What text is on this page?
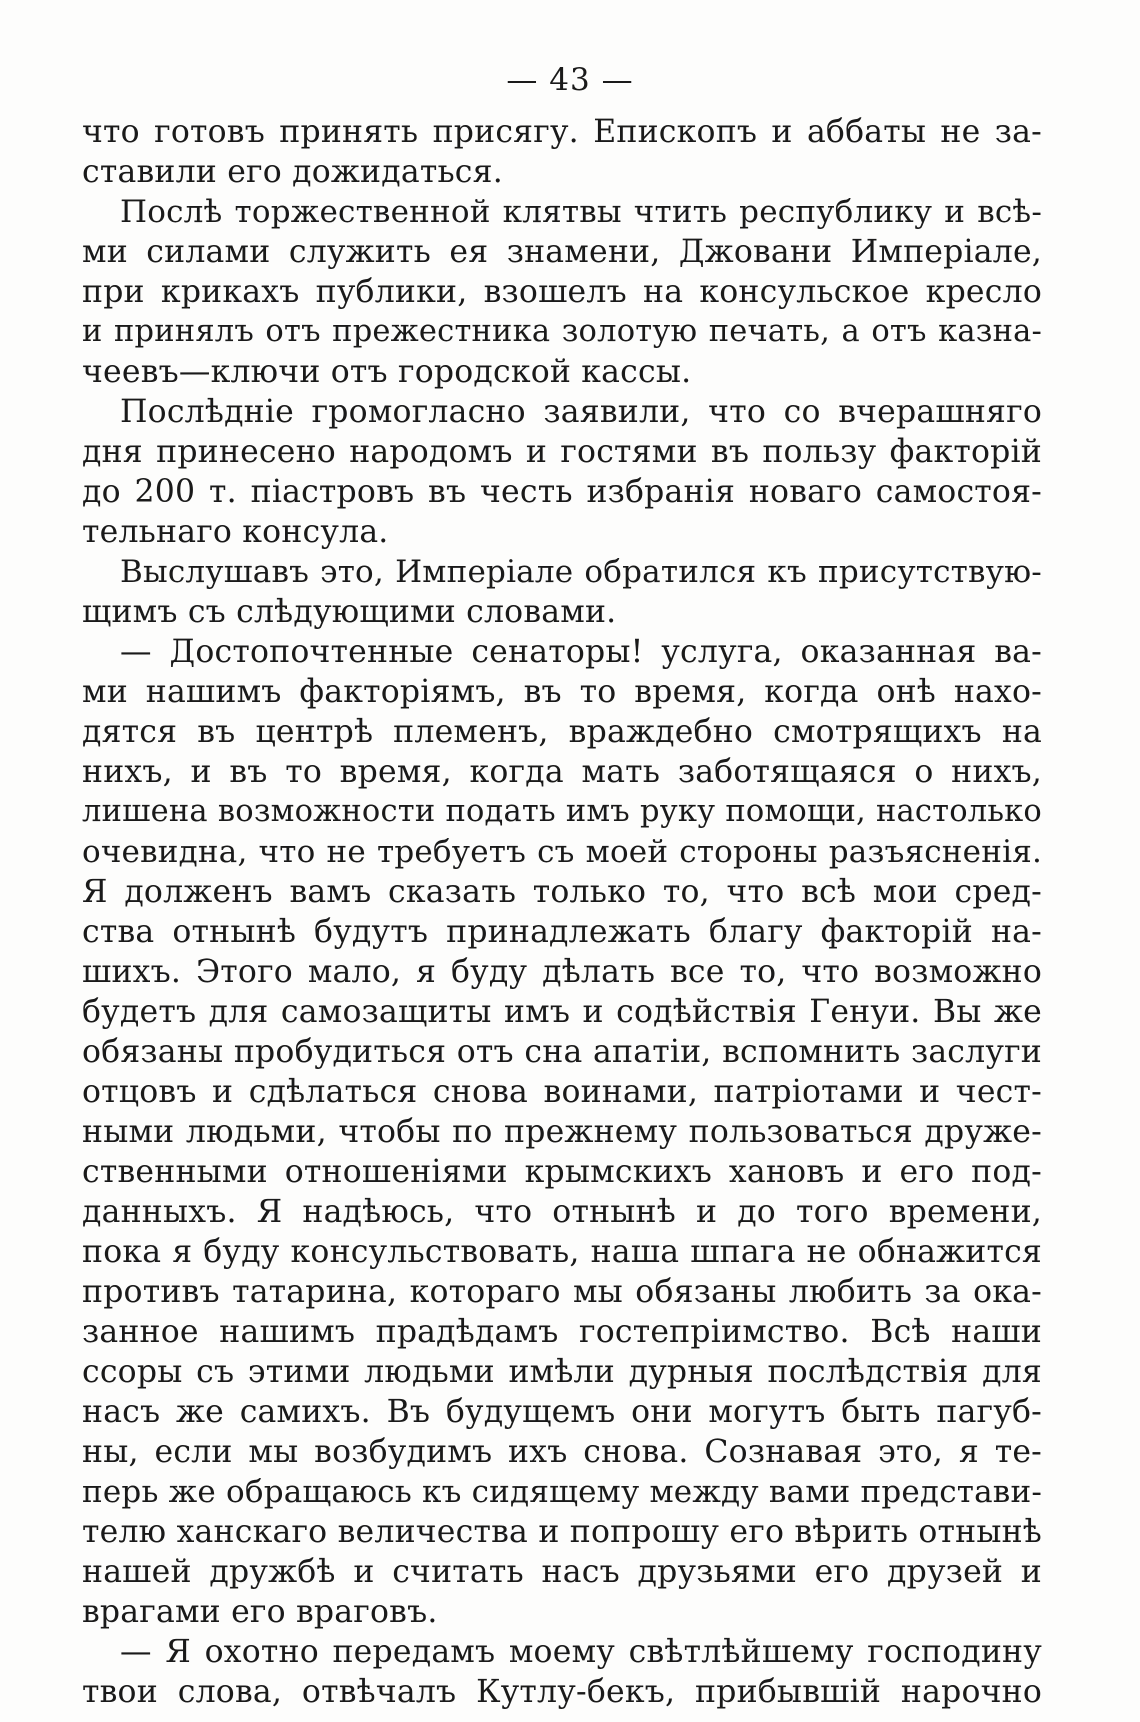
— 43 —
что готовъ принять присягу. Епископъ и аббаты не за-
ставили его дожидаться.
Послѣ торжественной клятвы чтить республику и всѣ-
ми силами служить ея знамени, Джовани Имперiале,
при крикахъ публики, взошелъ на консульское кресло
и принялъ отъ прежестника золотую печать, а отъ казна-
чеевъ—ключи отъ городской кассы.
Послѣднiе громогласно заявили, что со вчерашняго
дня принесено народомъ и гостями въ пользу факторiй
до 200 т. пiастровъ въ честь избранiя новаго самостоя-
тельнаго консула.
Выслушавъ это, Имперiале обратился къ присутствую-
щимъ съ слѣдующими словами.
— Достопочтенные сенаторы! услуга, оказанная ва-
ми нашимъ факторiямъ, въ то время, когда онѣ нахо-
дятся въ центрѣ племенъ, враждебно смотрящихъ на
нихъ, и въ то время, когда мать заботящаяся о нихъ,
лишена возможности подать имъ руку помощи, настолько
очевидна, что не требуетъ съ моей стороны разъясненiя.
Я долженъ вамъ сказать только то, что всѣ мои сред-
ства отнынѣ будутъ принадлежать благу факторiй на-
шихъ. Этого мало, я буду дѣлать все то, что возможно
будетъ для самозащиты имъ и содѣйствiя Генуи. Вы же
обязаны пробудиться отъ сна апатiи, вспомнить заслуги
отцовъ и сдѣлаться снова воинами, патрiотами и чест-
ными людьми, чтобы по прежнему пользоваться друже-
ственными отношенiями крымскихъ хановъ и его под-
данныхъ. Я надѣюсь, что отнынѣ и до того времени,
пока я буду консульствовать, наша шпага не обнажится
противъ татарина, котораго мы обязаны любить за ока-
занное нашимъ прадѣдамъ гостепрiимство. Всѣ наши
ссоры съ этими людьми имѣли дурныя послѣдствiя для
насъ же самихъ. Въ будущемъ они могутъ быть пагуб-
ны, если мы возбудимъ ихъ снова. Сознавая это, я те-
перь же обращаюсь къ сидящему между вами представи-
телю ханскаго величества и попрошу его вѣрить отнынѣ
нашей дружбѣ и считать насъ друзьями его друзей и
врагами его враговъ.
— Я охотно передамъ моему свѣтлѣйшему господину
твои слова, отвѣчалъ Кутлу-бекъ, прибывшiй нарочно
